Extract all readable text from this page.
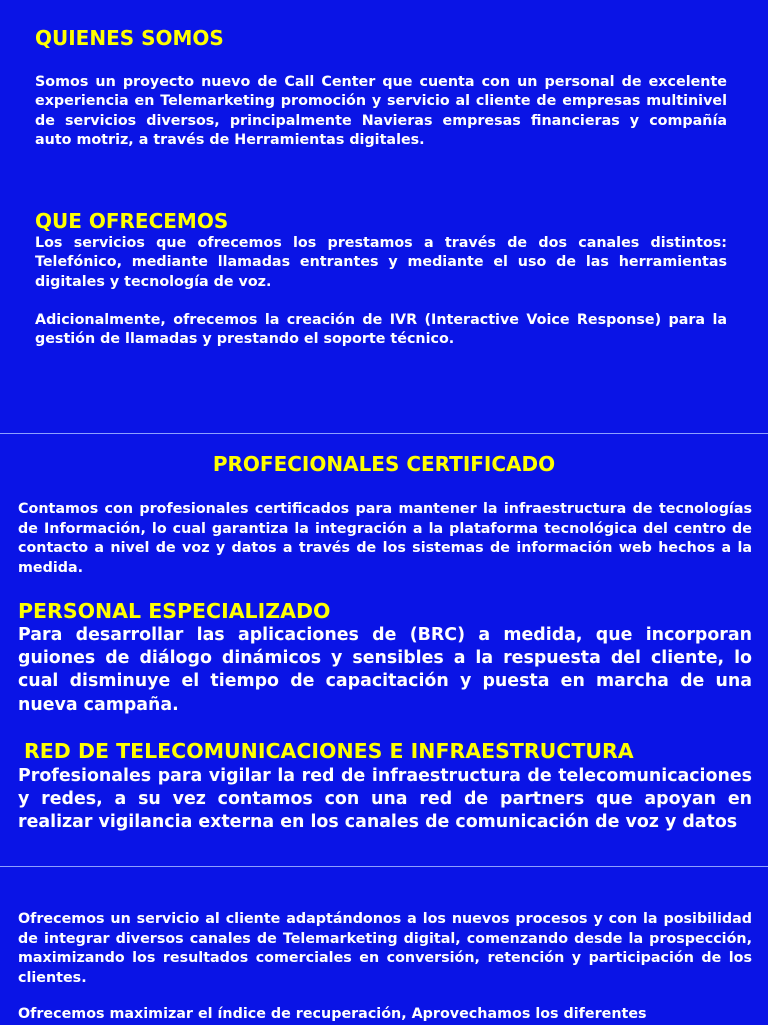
QUIENES SOMOS
Somos un proyecto nuevo de Call Center que cuenta con un personal de excelente experiencia en Telemarketing promoción y servicio al cliente de empresas multinivel de servicios diversos, principalmente Navieras empresas financieras y compañía auto motriz, a través de Herramientas digitales.
QUE OFRECEMOS
Los servicios que ofrecemos los prestamos a través de dos canales distintos: Telefónico, mediante llamadas entrantes y mediante el uso de las herramientas digitales y tecnología de voz.
Adicionalmente, ofrecemos la creación de IVR (Interactive Voice Response) para la gestión de llamadas y prestando el soporte técnico.
PROFECIONALES CERTIFICADO
Contamos con profesionales certificados para mantener la infraestructura de tecnologías de Información, lo cual garantiza la integración a la plataforma tecnológica del centro de contacto a nivel de voz y datos a través de los sistemas de información web hechos a la medida.
PERSONAL ESPECIALIZADO
Para desarrollar las aplicaciones de (BRC) a medida, que incorporan guiones de diálogo dinámicos y sensibles a la respuesta del cliente, lo cual disminuye el tiempo de capacitación y puesta en marcha de una nueva campaña.
RED DE TELECOMUNICACIONES E INFRAESTRUCTURA
Profesionales para vigilar la red de infraestructura de telecomunicaciones y redes, a su vez contamos con una red de partners que apoyan en realizar vigilancia externa en los canales de comunicación de voz y datos
Ofrecemos un servicio al cliente adaptándonos a los nuevos procesos y con la posibilidad de integrar diversos canales de Telemarketing digital, comenzando desde la prospección, maximizando los resultados comerciales en conversión, retención y participación de los clientes.
Ofrecemos maximizar el índice de recuperación, Aprovechamos los diferentes
